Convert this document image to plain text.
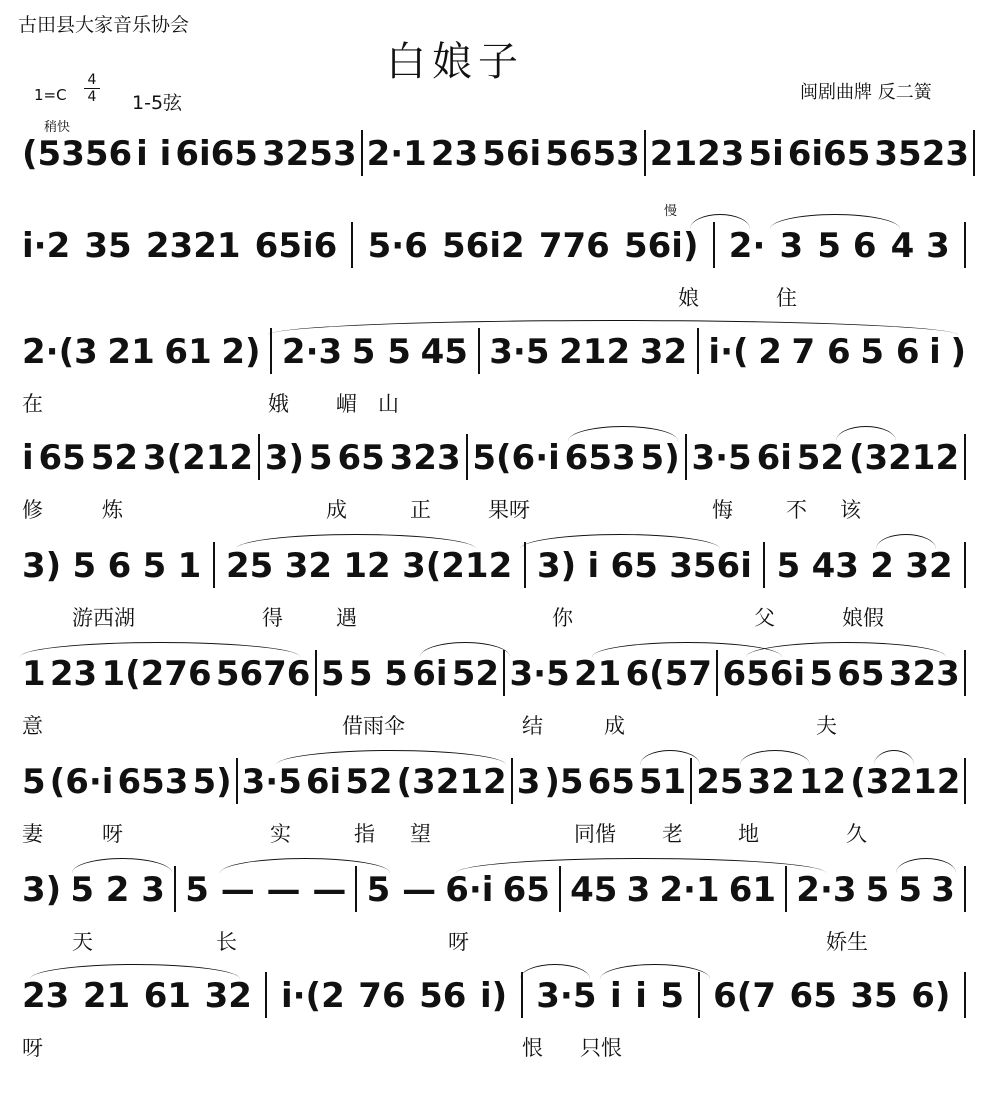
古田县大家音乐协会
白娘子
闽剧曲牌 反二簧
1=C
4
4 1-5弦
稍快
慢
(5356 i i 6i65 3253 2·1 23 56i 5653 2123 5i 6i65 3523
i·2 35 2321 65i6 5·6 56i2 776 56i) 2· 3 5 6 4 3
娘	住
2·(3 21 61 2) 2·3 5 5 45 3·5 212 32 i·( 2 7 6 5 6 i )
在	娥 嵋 山
i 65 52 3(212 3) 5 65 323 5(6·i 653 5) 3·5 6i 52 (3212
修	炼	成	正	果呀	悔	不 该
3) 5 6 5 1 25 32 12 3(212 3) i 65 356i 5 43 2 32
游西湖	得	遇	你	父	娘假
1 23 1(276 5676 5 5 5 6i 52 3·5 21 6(57 656i 5 65 323
意	借雨伞	结	成	夫
5 (6·i 653 5) 3·5 6i 52 (3212 3 )5 65 51 25 32 12 (3212
妻	呀	实	指 望	同偕 老	地	久
3) 5 2 3 5 — — — 5 — 6·i 65 45 3 2·1 61 2·3 5 5 3
天	长	呀	娇生
23 21 61 32 i·(2 76 56 i) 3·5 i i 5 6(7 65 35 6)
呀	恨 只恨
